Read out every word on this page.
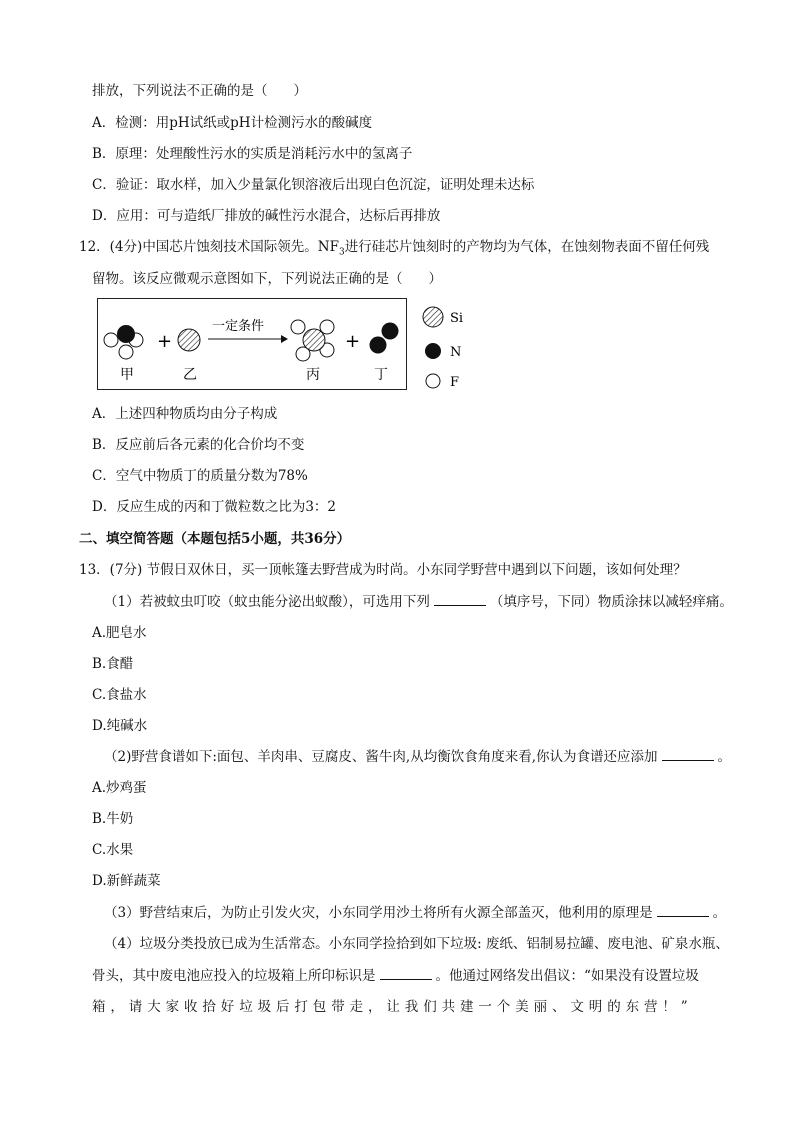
排放，下列说法不正确的是（ ）
A．检测：用pH试纸或pH计检测污水的酸碱度
B．原理：处理酸性污水的实质是消耗污水中的氢离子
C．验证：取水样，加入少量氯化钡溶液后出现白色沉淀，证明处理未达标
D．应用：可与造纸厂排放的碱性污水混合，达标后再排放
12．(4分)中国芯片蚀刻技术国际领先。$NF_3$进行硅芯片蚀刻时的产物均为气体，在蚀刻物表面不留任何残
留物。该反应微观示意图如下，下列说法正确的是（ ）
+
一定条件
+
甲	乙	丙	丁
Si
N
F
A．上述四种物质均由分子构成
B．反应前后各元素的化合价均不变
C．空气中物质丁的质量分数为78%
D．反应生成的丙和丁微粒数之比为3：2
二、填空简答题（本题包括5小题，共36分）
13．(7分) 节假日双休日，买一顶帐篷去野营成为时尚。小东同学野营中遇到以下问题，该如何处理？
（1）若被蚊虫叮咬（蚊虫能分泌出蚁酸），可选用下列	（填序号，下同）物质涂抹以减轻痒痛。
A.肥皂水
B.食醋
C.食盐水
D.纯碱水
（2)野营食谱如下:面包、羊肉串、豆腐皮、酱牛肉,从均衡饮食角度来看,你认为食谱还应添加	。
A.炒鸡蛋
B.牛奶
C.水果
D.新鲜蔬菜
（3）野营结束后，为防止引发火灾，小东同学用沙土将所有火源全部盖灭，他利用的原理是	。
（4）垃圾分类投放已成为生活常态。小东同学捡拾到如下垃圾: 废纸、铝制易拉罐、废电池、矿泉水瓶、
骨头，其中废电池应投入的垃圾箱上所印标识是	。他通过网络发出倡议：“如果没有设置垃圾
箱，请大家收拾好垃圾后打包带走，让我们共建一个美丽、文明的东营！”
